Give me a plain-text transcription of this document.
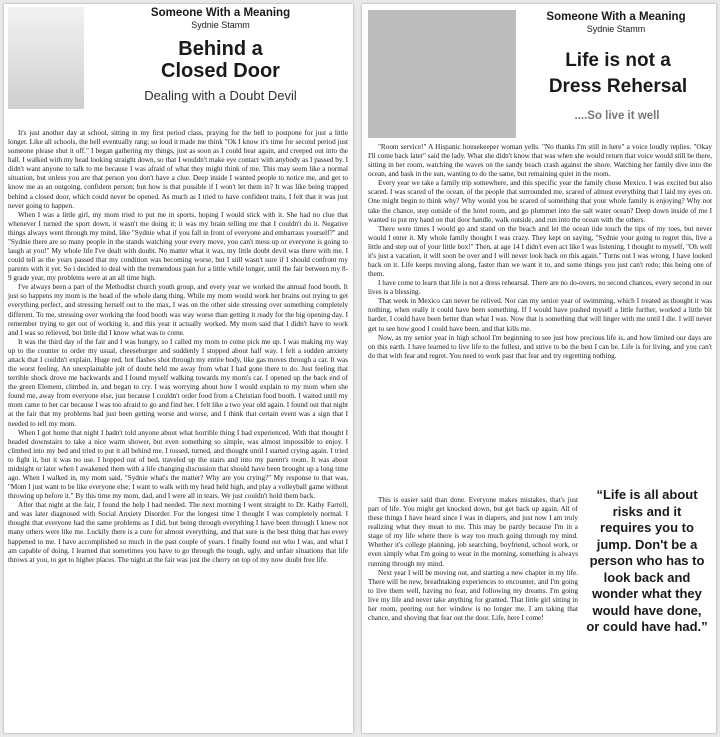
Someone With a Meaning
Sydnie Stamm
Behind a
Closed Door
Dealing with a Doubt Devil

It's just another day at school, sitting in my first period class, praying for the bell to postpone for just a little longer. Like all schools, the bell eventually rang; so loud it made me think "Ok I know it's time for second period just someone please shut it off." I began gathering my things, just as soon as I could hear again, and creeped out into the hall. I walked with my head looking straight down, so that I wouldn't make eye contact with anybody as I passed by. I didn't want anyone to talk to me because I was afraid of what they might think of me. This may seem like a normal situation, but unless you are that person you don't have a clue. Deep inside I wanted people to notice me, and get to know me as an outgoing, confident person; but how is that possible if I won't let them in? It was like being trapped behind a closed door, which could never be opened. As much as I tried to have confident traits, I felt that it was just never going to happen.

When I was a little girl, my mom tried to put me in sports, hoping I would stick with it. She had no clue that whenever I turned the sport down, it wasn't me doing it; it was my brain telling me that I couldn't do it. Negative things always went through my mind, like "Sydnie what if you fall in front of everyone and embarrass yourself?" and "Sydnie there are so many people in the stands watching your every move, you can't mess up or everyone is going to laugh at you!" My whole life I've dealt with doubt. No matter what it was, my little doubt devil was there with me. I could tell as the years passed that my condition was becoming worse, but I still wasn't sure if I should confront my parents with it yet. So i decided to deal with the tremendous pain for a little while longer, until the fair between my 8-9 grade year, my problems were at an all time high.

I've always been a part of the Methodist church youth group, and every year we worked the annual food booth. It just so happens my mom is the head of the whole dang thing. While my mom would work her brains out trying to get everything perfect, and stressing herself out to the max, I was on the other side stressing over something completely different. To me, stressing over working the food booth was way worse than getting it ready for the big opening day. I remember trying to get out of working it, and this year it actually worked. My mom said that I didn't have to work and I was so relieved, but little did I know what was to come.

It was the third day of the fair and I was hungry, so I called my mom to come pick me up. I was making my way up to the counter to order my usual, cheeseburger and suddenly I stopped about half way. I felt a sudden anxiety attack that I couldn't explain. Huge red, hot flashes shot through my entire body, like gas moves through a car. It was the worst feeling. An unexplainable jolt of doubt held me away from what I had gone there to do. Just feeling that terrible shock drove me backwards and I found myself walking towards my mom's car. I opened up the back end of the green Element, climbed in, and began to cry. I was worrying about how I would explain to my mom when she found me, away from everyone else, just because I couldn't order food from a Christian food booth. I waited until my mom came to her car because I was too afraid to go and find her. I felt like a two year old again. I found out that night at the fair that my problems had just been getting worse and worse, and I think that certain event was a sign that I needed to tell my mom.

When I got home that night I hadn't told anyone about what horrible thing I had experienced. With that thought I headed downstairs to take a nice warm shower, but even something so simple, was almost impossible to enjoy. I climbed into my bed and tried to put it all behind me. I tossed, turned, and thought until I started crying again. I tried to fight it, but it was no use. I hopped out of bed, traveled up the stairs and into my parent's room. It was about midnight or later when I awakened them with a life changing discussion that should have been brought up a long time ago. When I walked in, my mom said, "Sydnie what's the matter? Why are you crying?" My response to that was, "Mom I just want to be like everyone else; I want to walk with my head held high, and play a volleyball game without throwing up before it." By this time my mom, dad, and I were all in tears. We just couldn't hold them back.

After that night at the fair, I found the help I had needed. The next morning I went straight to Dr. Kathy Farrell, and was later diagnosed with Social Anxiety Disorder. For the longest time I thought I was completely normal. I thought that everyone had the same problems as I did, but being through everything I have been through I knew not many others were like me. Luckily there is a cure for almost everything, and that sure is the best thing that has every happened to me. I have accomplished so much in the past couple of years. I finally found out who I was, and what I am capable of doing. I learned that sometimes you have to go through the tough, ugly, and unfair situations that life throws at you, to get to higher places. The night at the fair was just the cherry on top of my now doubt free life.

Someone With a Meaning
Sydnie Stamm
Life is not a
Dress Rehersal
....So live it well

"Room service!" A Hispanic housekeeper woman yells. "No thanks I'm still in here" a voice loudly replies. "Okay I'll come back later" said the lady. What she didn't know that was when she would return that voice would still be there, sitting in her room, watching the waves on the sandy beach crash against the shore. Watching her family dive into the ocean, and bask in the sun, wanting to do the same, but remaining quiet in the room.

Every year we take a family trip somewhere, and this specific year the family chose Mexico. I was excited but also scared. I was scared of the ocean, of the people that surrounded me, scared of almost everything that I laid my eyes on. One might begin to think why? Why would you be scared of something that your whole family is enjoying? Why not take the chance, step outside of the hotel room, and go plummet into the salt water ocean? Deep down inside of me I wanted to put my hand on that door handle, walk outside, and run into the ocean with the others.

There were times I would go and stand on the beach and let the ocean tide touch the tips of my toes, but never would I enter it. My whole family thought I was crazy. They kept on saying, "Sydnie your going to regret this, live a little and step out of your little box!" Then, at age 14 I didn't even act like I was listening. I thought to myself, "Oh well it's just a vacation, it will soon be over and I will never look back on this again." Turns out I was wrong, I have looked back on it. Life keeps moving along, faster than we want it to, and some things you just can't redo; this being one of them.

I have come to learn that life is not a dress rehearsal. There are no do-overs, no second chances, every second in our lives is a blessing.

That week in Mexico can never be relived. Nor can my senior year of swimming, which I treated as thought it was nothing, when really it could have been something. If I would have pushed myself a little further, worked a little bit harder, I could have been better than what I was. Now that is something that will linger with me until I die. I will never get to see how good I could have been, and that kills me.

Now, as my senior year in high school I'm beginning to see just how precious life is, and how limited our days are on this earth. I have learned to live life to the fullest, and strive to be the best I can be. Life is for living, and you can't do that with fear and regret. You need to work past that fear and try regretting nothing.

This is easier said than done. Everyone makes mistakes, that's just part of life. You might get knocked down, but get back up again. All of these things I have heard since I was in diapers, and just now I am truly realizing what they mean to me. This may be partly because I'm in a stage of my life where there is way too much going through my mind. Whether it's college planning, job searching, boyfriend, school work, or even simply what I'm going to wear in the morning, something is always running through my mind.

Next year I will be moving out, and starting a new chapter in my life. There will be new, breathtaking experiences to encounter, and I'm going to live them well, having no fear, and following my dreams. I'm going live my life and never take anything for granted. That little girl sitting in her room, peering out her window is no longer me. I am taking that chance, and shoving that fear out the door. Life, here I come!

“Life is all about risks and it requires you to jump. Don't be a person who has to look back and wonder what they would have done, or could have had.”
